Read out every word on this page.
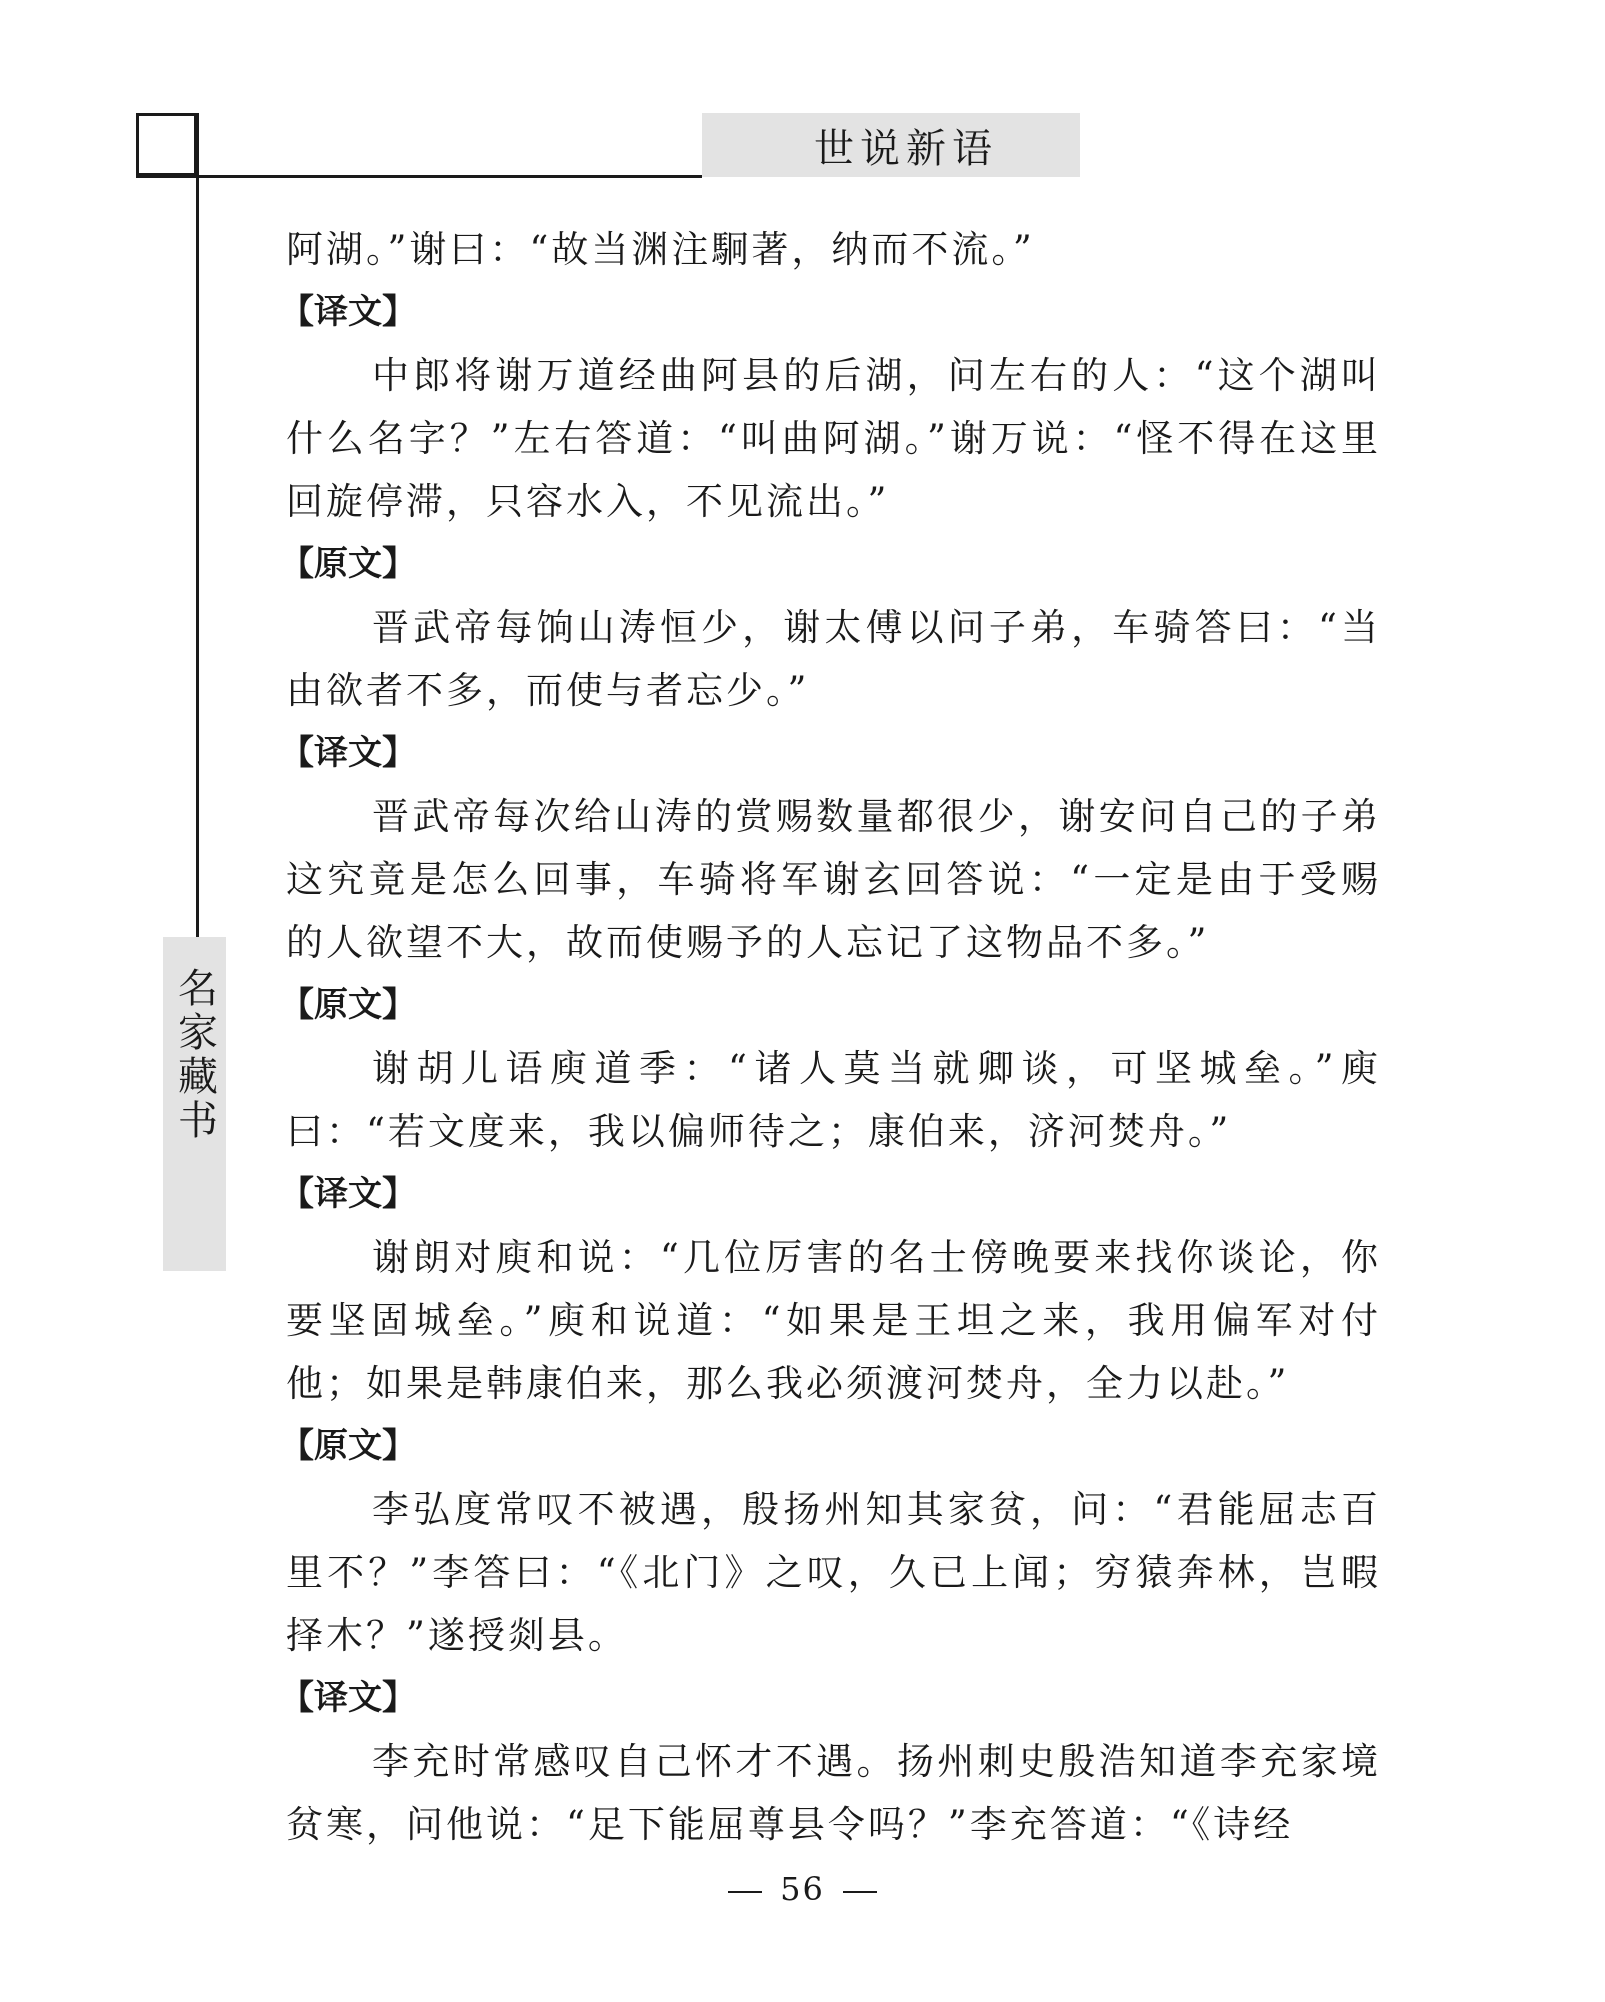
世说新语
名家藏书

阿湖。”谢曰：“故当渊注駉著，纳而不流。”

【译文】

中郎将谢万道经曲阿县的后湖，问左右的人：“这个湖叫什么名字？”左右答道：“叫曲阿湖。”谢万说：“怪不得在这里回旋停滞，只容水入，不见流出。”

【原文】

晋武帝每饷山涛恒少，谢太傅以问子弟，车骑答曰：“当由欲者不多，而使与者忘少。”

【译文】

晋武帝每次给山涛的赏赐数量都很少，谢安问自己的子弟这究竟是怎么回事，车骑将军谢玄回答说：“一定是由于受赐的人欲望不大，故而使赐予的人忘记了这物品不多。”

【原文】

谢胡儿语庾道季：“诸人莫当就卿谈，可坚城垒。”庾曰：“若文度来，我以偏师待之；康伯来，济河焚舟。”

【译文】

谢朗对庾和说：“几位厉害的名士傍晚要来找你谈论，你要坚固城垒。”庾和说道：“如果是王坦之来，我用偏军对付他；如果是韩康伯来，那么我必须渡河焚舟，全力以赴。”

【原文】

李弘度常叹不被遇，殷扬州知其家贫，问：“君能屈志百里不？”李答曰：“《北门》之叹，久已上闻；穷猿奔林，岂暇择木？”遂授剡县。

【译文】

李充时常感叹自己怀才不遇。扬州刺史殷浩知道李充家境贫寒，问他说：“足下能屈尊县令吗？”李充答道：“《诗经

56
